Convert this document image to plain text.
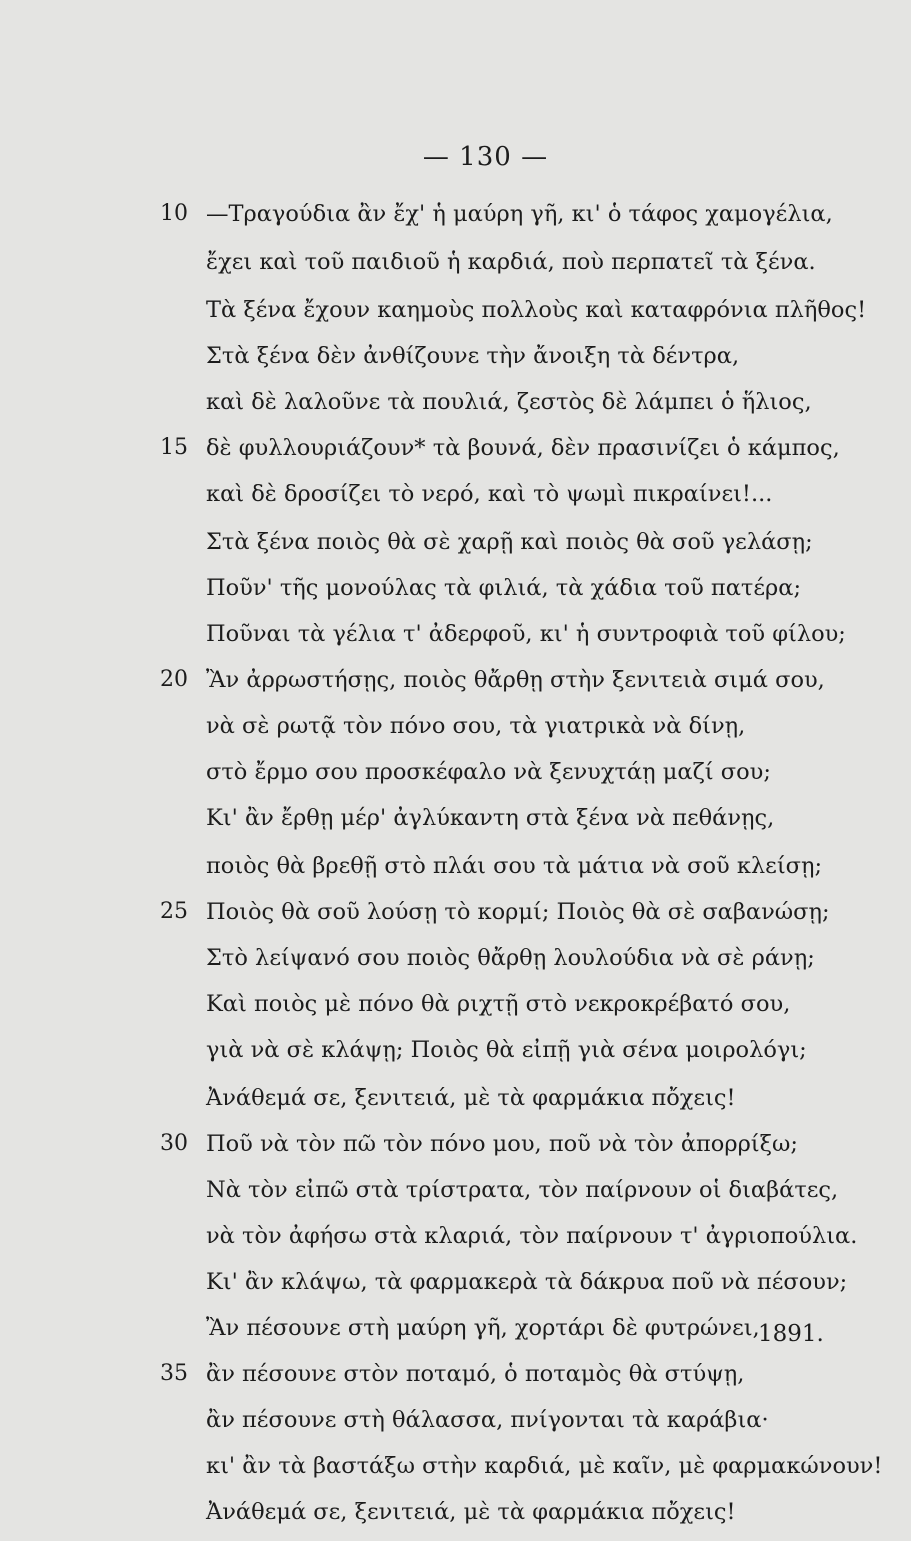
— 130 —
10 —Τραγούδια ἂν ἔχ' ἡ μαύρη γῆ, κι' ὁ τάφος χαμογέλια,
ἔχει καὶ τοῦ παιδιοῦ ἡ καρδιά, ποὺ περπατεῖ τὰ ξένα.
Τὰ ξένα ἔχουν καημοὺς πολλοὺς καὶ καταφρόνια πλῆθος!
Στὰ ξένα δὲν ἀνθίζουνε τὴν ἄνοιξη τὰ δέντρα,
καὶ δὲ λαλοῦνε τὰ πουλιά, ζεστὸς δὲ λάμπει ὁ ἥλιος,
15 δὲ φυλλουριάζουν* τὰ βουνά, δὲν πρασινίζει ὁ κάμπος,
καὶ δὲ δροσίζει τὸ νερό, καὶ τὸ ψωμὶ πικραίνει!...
Στὰ ξένα ποιὸς θὰ σὲ χαρῇ καὶ ποιὸς θὰ σοῦ γελάσῃ;
Ποῦν' τῆς μονούλας τὰ φιλιά, τὰ χάδια τοῦ πατέρα;
Ποῦναι τὰ γέλια τ' ἀδερφοῦ, κι' ἡ συντροφιὰ τοῦ φίλου;
20 Ἂν ἀρρωστήσῃς, ποιὸς θἄρθῃ στὴν ξενιτειὰ σιμά σου,
νὰ σὲ ρωτᾷ τὸν πόνο σου, τὰ γιατρικὰ νὰ δίνῃ,
στὸ ἔρμο σου προσκέφαλο νὰ ξενυχτάῃ μαζί σου;
Κι' ἂν ἔρθῃ μέρ' ἀγλύκαντη στὰ ξένα νὰ πεθάνῃς,
ποιὸς θὰ βρεθῇ στὸ πλάι σου τὰ μάτια νὰ σοῦ κλείσῃ;
25 Ποιὸς θὰ σοῦ λούσῃ τὸ κορμί; Ποιὸς θὰ σὲ σαβανώσῃ;
Στὸ λείψανό σου ποιὸς θἄρθῃ λουλούδια νὰ σὲ ράνῃ;
Καὶ ποιὸς μὲ πόνο θὰ ριχτῇ στὸ νεκροκρέβατό σου,
γιὰ νὰ σὲ κλάψῃ; Ποιὸς θὰ εἰπῇ γιὰ σένα μοιρολόγι;
Ἀνάθεμά σε, ξενιτειά, μὲ τὰ φαρμάκια πὄχεις!
30 Ποῦ νὰ τὸν πῶ τὸν πόνο μου, ποῦ νὰ τὸν ἀπορρίξω;
Νὰ τὸν εἰπῶ στὰ τρίστρατα, τὸν παίρνουν οἱ διαβάτες,
νὰ τὸν ἀφήσω στὰ κλαριά, τὸν παίρνουν τ' ἀγριοπούλια.
Κι' ἂν κλάψω, τὰ φαρμακερὰ τὰ δάκρυα ποῦ νὰ πέσουν;
Ἂν πέσουνε στὴ μαύρη γῆ, χορτάρι δὲ φυτρώνει,
35 ἂν πέσουνε στὸν ποταμό, ὁ ποταμὸς θὰ στύψῃ,
ἂν πέσουνε στὴ θάλασσα, πνίγονται τὰ καράβια·
κι' ἂν τὰ βαστάξω στὴν καρδιά, μὲ καῖν, μὲ φαρμακώνουν!
Ἀνάθεμά σε, ξενιτειά, μὲ τὰ φαρμάκια πὄχεις!
1891.
